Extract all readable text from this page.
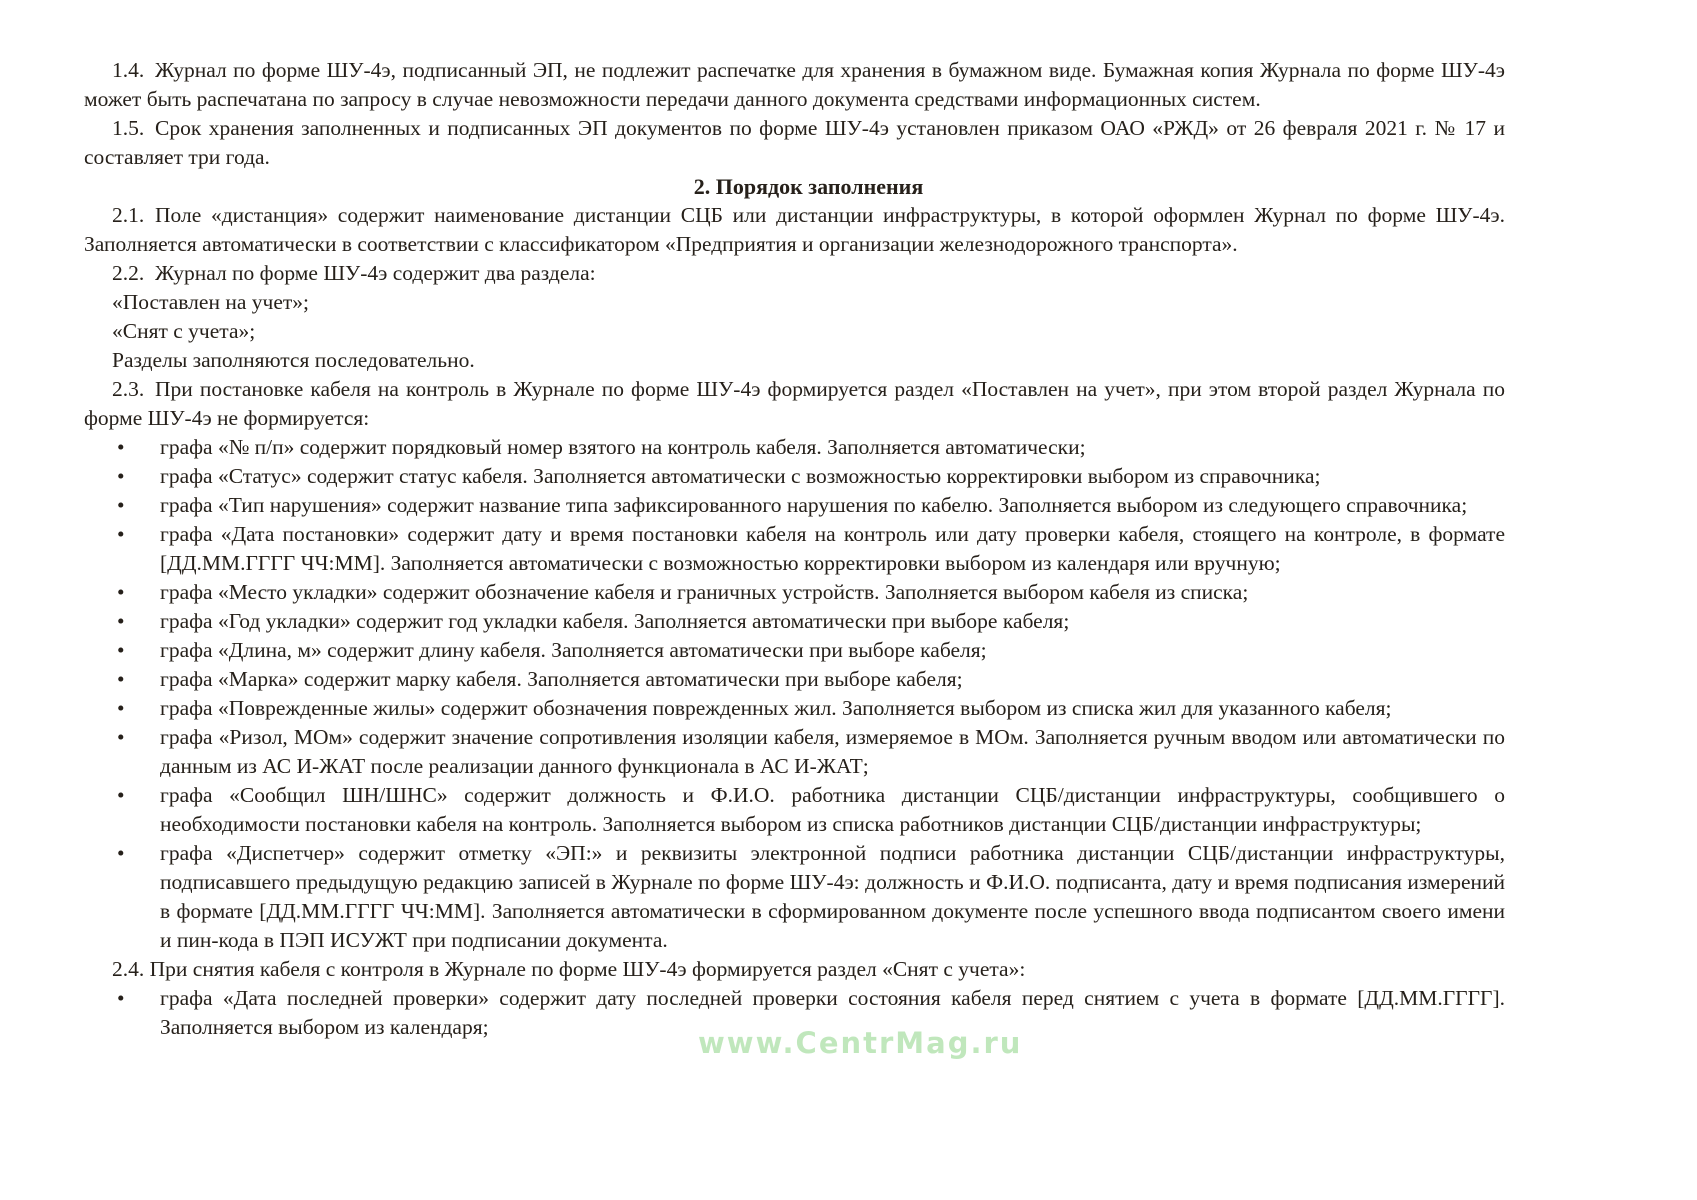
1.4. Журнал по форме ШУ-4э, подписанный ЭП, не подлежит распечатке для хранения в бумажном виде. Бумажная копия Журнала по форме ШУ-4э может быть распечатана по запросу в случае невозможности передачи данного документа средствами информационных систем.

1.5. Срок хранения заполненных и подписанных ЭП документов по форме ШУ-4э установлен приказом ОАО «РЖД» от 26 февраля 2021 г. № 17 и составляет три года.

2. Порядок заполнения

2.1. Поле «дистанция» содержит наименование дистанции СЦБ или дистанции инфраструктуры, в которой оформлен Журнал по форме ШУ-4э. Заполняется автоматически в соответствии с классификатором «Предприятия и организации железнодорожного транспорта».

2.2. Журнал по форме ШУ-4э содержит два раздела:

«Поставлен на учет»;

«Снят с учета»;

Разделы заполняются последовательно.

2.3. При постановке кабеля на контроль в Журнале по форме ШУ-4э формируется раздел «Поставлен на учет», при этом второй раздел Журнала по форме ШУ-4э не формируется:

• графа «№ п/п» содержит порядковый номер взятого на контроль кабеля. Заполняется автоматически;
• графа «Статус» содержит статус кабеля. Заполняется автоматически с возможностью корректировки выбором из справочника;
• графа «Тип нарушения» содержит название типа зафиксированного нарушения по кабелю. Заполняется выбором из следующего справочника;
• графа «Дата постановки» содержит дату и время постановки кабеля на контроль или дату проверки кабеля, стоящего на контроле, в формате [ДД.ММ.ГГГГ ЧЧ:ММ]. Заполняется автоматически с возможностью корректировки выбором из календаря или вручную;
• графа «Место укладки» содержит обозначение кабеля и граничных устройств. Заполняется выбором кабеля из списка;
• графа «Год укладки» содержит год укладки кабеля. Заполняется автоматически при выборе кабеля;
• графа «Длина, м» содержит длину кабеля. Заполняется автоматически при выборе кабеля;
• графа «Марка» содержит марку кабеля. Заполняется автоматически при выборе кабеля;
• графа «Поврежденные жилы» содержит обозначения поврежденных жил. Заполняется выбором из списка жил для указанного кабеля;
• графа «Ризол, МОм» содержит значение сопротивления изоляции кабеля, измеряемое в МОм. Заполняется ручным вводом или автоматически по данным из АС И-ЖАТ после реализации данного функционала в АС И-ЖАТ;
• графа «Сообщил ШН/ШНС» содержит должность и Ф.И.О. работника дистанции СЦБ/дистанции инфраструктуры, сообщившего о необходимости постановки кабеля на контроль. Заполняется выбором из списка работников дистанции СЦБ/дистанции инфраструктуры;
• графа «Диспетчер» содержит отметку «ЭП:» и реквизиты электронной подписи работника дистанции СЦБ/дистанции инфраструктуры, подписавшего предыдущую редакцию записей в Журнале по форме ШУ-4э: должность и Ф.И.О. подписанта, дату и время подписания измерений в формате [ДД.ММ.ГГГГ ЧЧ:ММ]. Заполняется автоматически в сформированном документе после успешного ввода подписантом своего имени и пин-кода в ПЭП ИСУЖТ при подписании документа.

2.4. При снятия кабеля с контроля в Журнале по форме ШУ-4э формируется раздел «Снят с учета»:

• графа «Дата последней проверки» содержит дату последней проверки состояния кабеля перед снятием с учета в формате [ДД.ММ.ГГГГ]. Заполняется выбором из календаря;	www.CentrMag.ru
